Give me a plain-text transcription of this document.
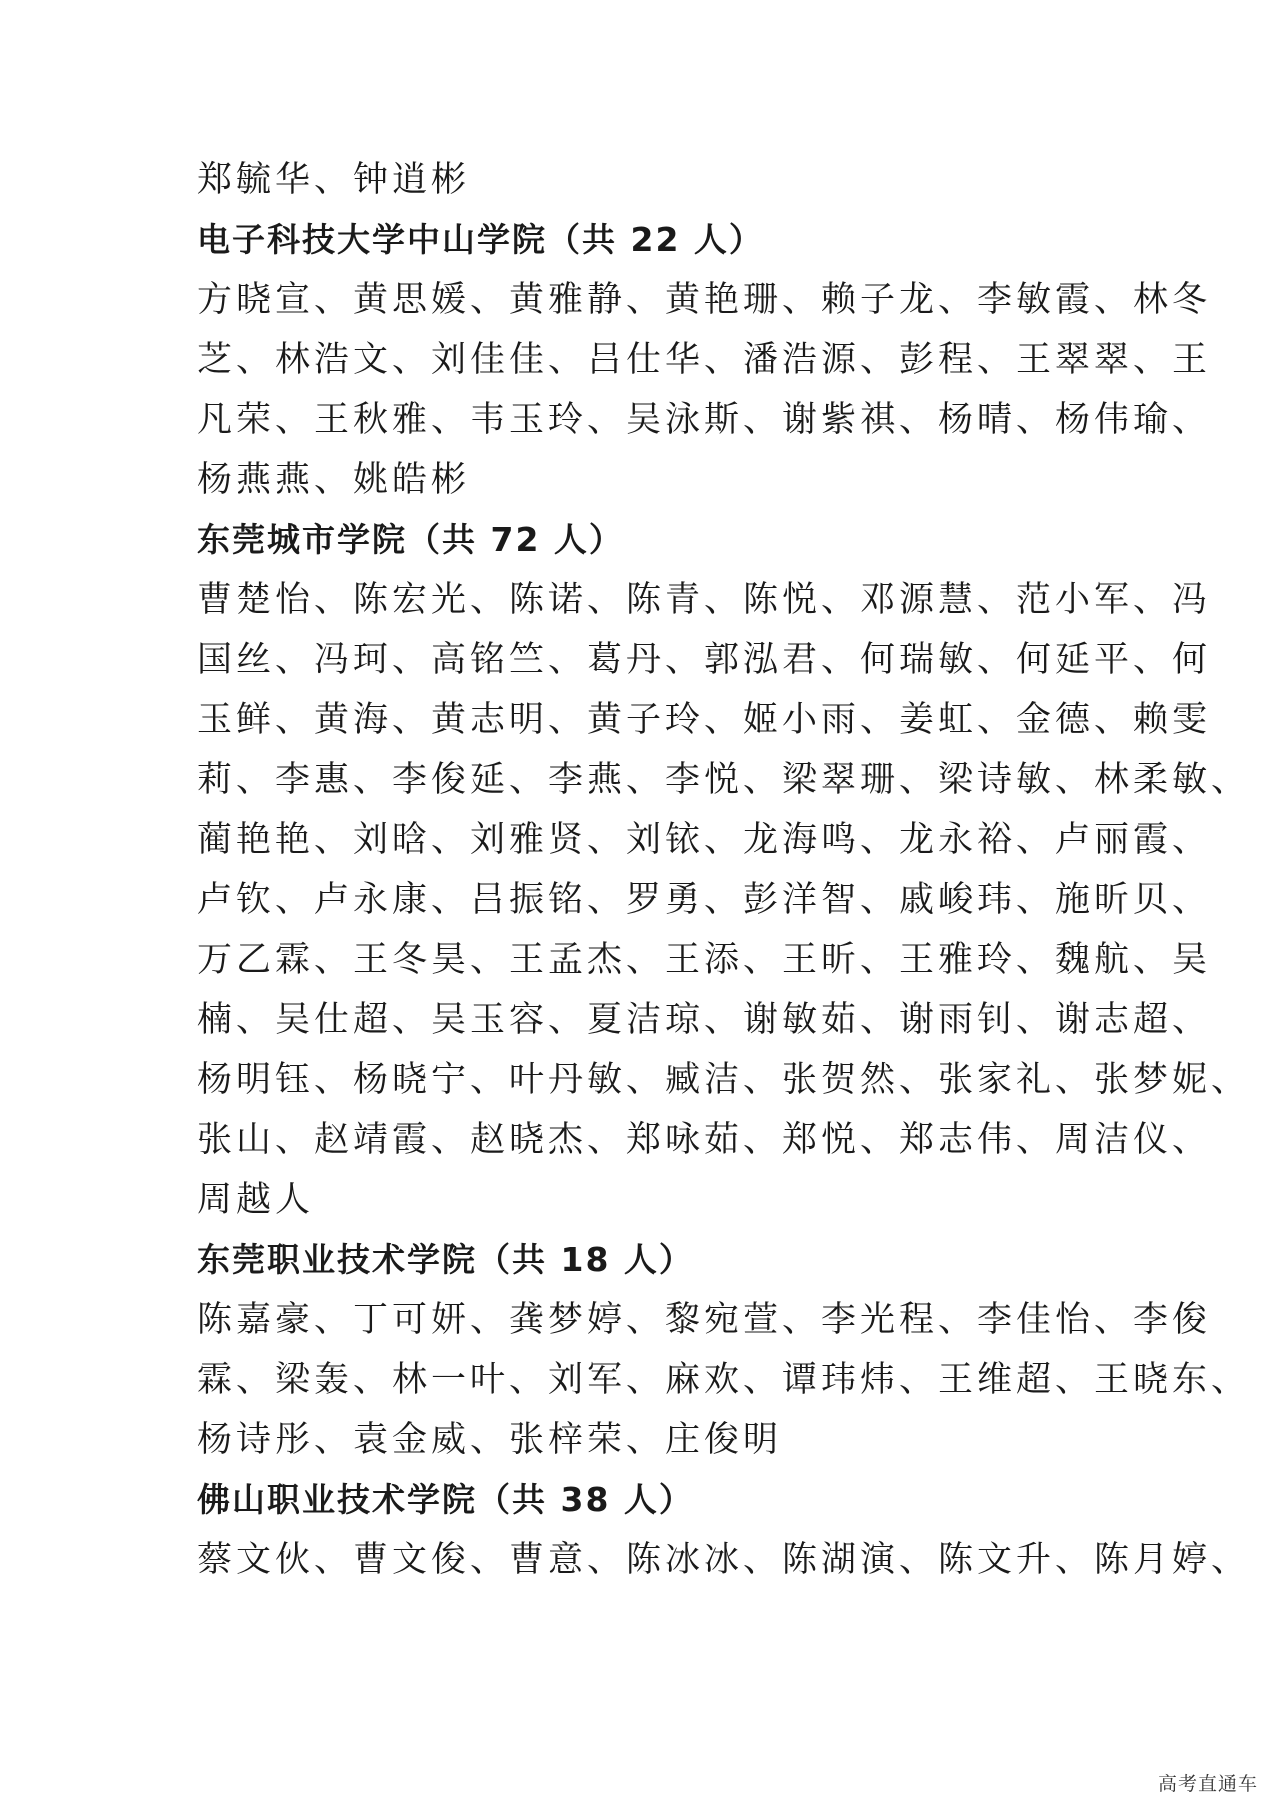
郑毓华、钟逍彬
电子科技大学中山学院（共 22 人）
方晓宣、黄思媛、黄雅静、黄艳珊、赖子龙、李敏霞、林冬
芝、林浩文、刘佳佳、吕仕华、潘浩源、彭程、王翠翠、王
凡荣、王秋雅、韦玉玲、吴泳斯、谢紫祺、杨晴、杨伟瑜、
杨燕燕、姚皓彬
东莞城市学院（共 72 人）
曹楚怡、陈宏光、陈诺、陈青、陈悦、邓源慧、范小军、冯
国丝、冯珂、高铭竺、葛丹、郭泓君、何瑞敏、何延平、何
玉鲜、黄海、黄志明、黄子玲、姬小雨、姜虹、金德、赖雯
莉、李惠、李俊延、李燕、李悦、梁翠珊、梁诗敏、林柔敏、
蔺艳艳、刘晗、刘雅贤、刘铱、龙海鸣、龙永裕、卢丽霞、
卢钦、卢永康、吕振铭、罗勇、彭洋智、戚峻玮、施昕贝、
万乙霖、王冬昊、王孟杰、王添、王昕、王雅玲、魏航、吴
楠、吴仕超、吴玉容、夏洁琼、谢敏茹、谢雨钊、谢志超、
杨明钰、杨晓宁、叶丹敏、臧洁、张贺然、张家礼、张梦妮、
张山、赵靖霞、赵晓杰、郑咏茹、郑悦、郑志伟、周洁仪、
周越人
东莞职业技术学院（共 18 人）
陈嘉豪、丁可妍、龚梦婷、黎宛萱、李光程、李佳怡、李俊
霖、梁轰、林一叶、刘军、麻欢、谭玮炜、王维超、王晓东、
杨诗彤、袁金威、张梓荣、庄俊明
佛山职业技术学院（共 38 人）
蔡文伙、曹文俊、曹意、陈冰冰、陈湖演、陈文升、陈月婷、
高考直通车
